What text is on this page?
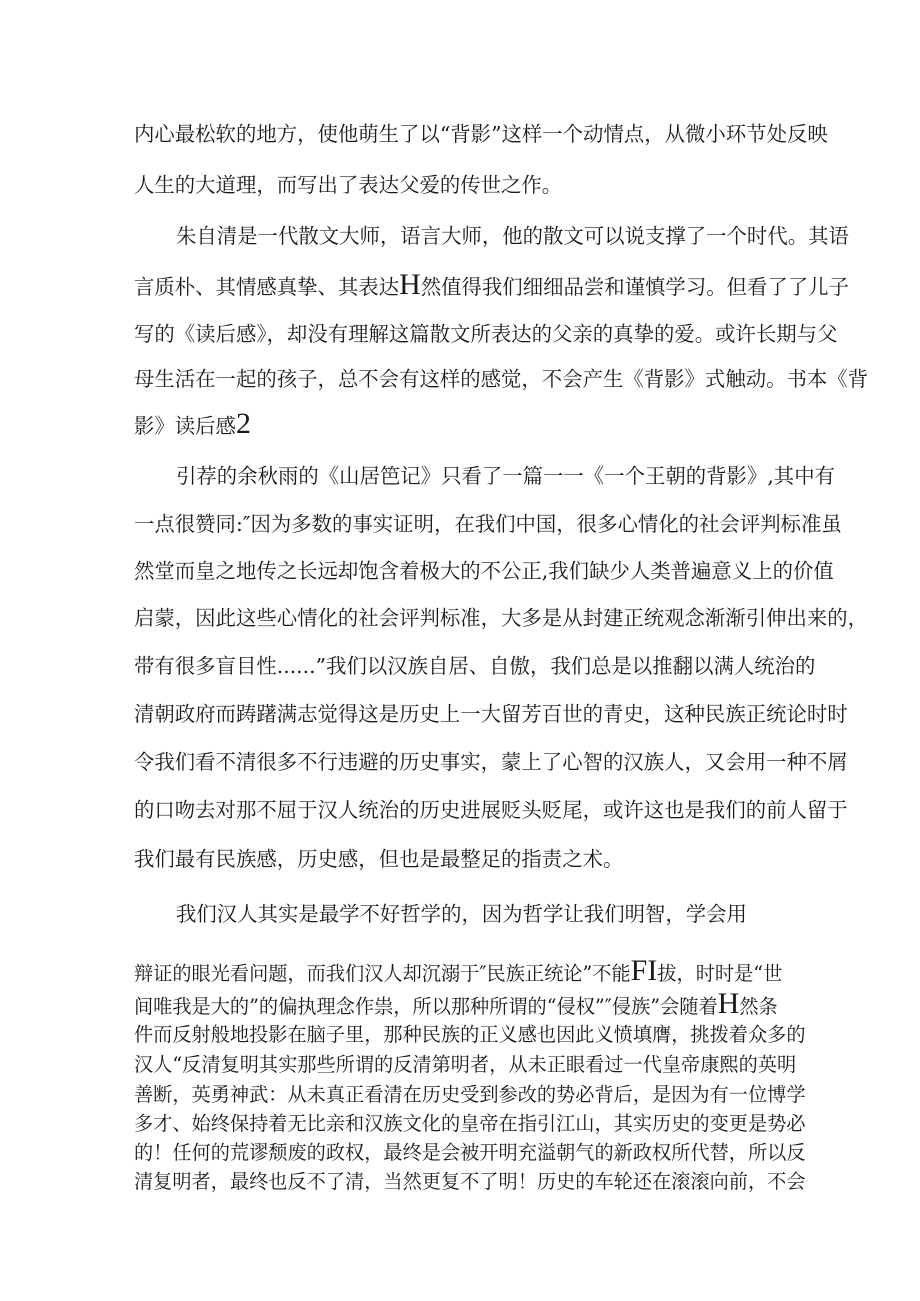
内心最松软的地方，使他萌生了以“背影”这样一个动情点，从微小环节处反映

人生的大道理，而写出了表达父爱的传世之作。

朱自清是一代散文大师，语言大师，他的散文可以说支撑了一个时代。其语

言质朴、其情感真挚、其表达H然值得我们细细品尝和谨慎学习。但看了了儿子

写的《读后感》，却没有理解这篇散文所表达的父亲的真挚的爱。或许长期与父

母生活在一起的孩子，总不会有这样的感觉，不会产生《背影》式触动。书本《背

影》读后感2

引荐的余秋雨的《山居笆记》只看了一篇一一《一个王朝的背影》,其中有

一点很赞同:″因为多数的事实证明，在我们中国，很多心情化的社会评判标准虽

然堂而皇之地传之长远却饱含着极大的不公正,我们缺少人类普遍意义上的价值

启蒙，因此这些心情化的社会评判标准，大多是从封建正统观念渐渐引伸出来的，

带有很多盲目性......”我们以汉族自居、自傲，我们总是以推翻以满人统治的

清朝政府而踌躇满志觉得这是历史上一大留芳百世的青史，这种民族正统论时时

令我们看不清很多不行违避的历史事实，蒙上了心智的汉族人，又会用一种不屑

的口吻去对那不屈于汉人统治的历史进展贬头贬尾，或许这也是我们的前人留于

我们最有民族感，历史感，但也是最整足的指责之术。

我们汉人其实是最学不好哲学的，因为哲学让我们明智，学会用

辩证的眼光看问题，而我们汉人却沉溺于″民族正统论”不能FI拔，时时是“世

间唯我是大的”的偏执理念作祟，所以那种所谓的“侵权”″侵族”会随着H然条

件而反射般地投影在脑子里，那种民族的正义感也因此义愤填膺，挑拨着众多的

汉人“反清复明其实那些所谓的反清第明者，从未正眼看过一代皇帝康熙的英明

善断，英勇神武：从未真正看清在历史受到参改的势必背后，是因为有一位博学

多才、始终保持着无比亲和汉族文化的皇帝在指引江山，其实历史的变更是势必

的！任何的荒谬颓废的政权，最终是会被开明充溢朝气的新政权所代替，所以反

清复明者，最终也反不了清，当然更复不了明！历史的车轮还在滚滚向前，不会
